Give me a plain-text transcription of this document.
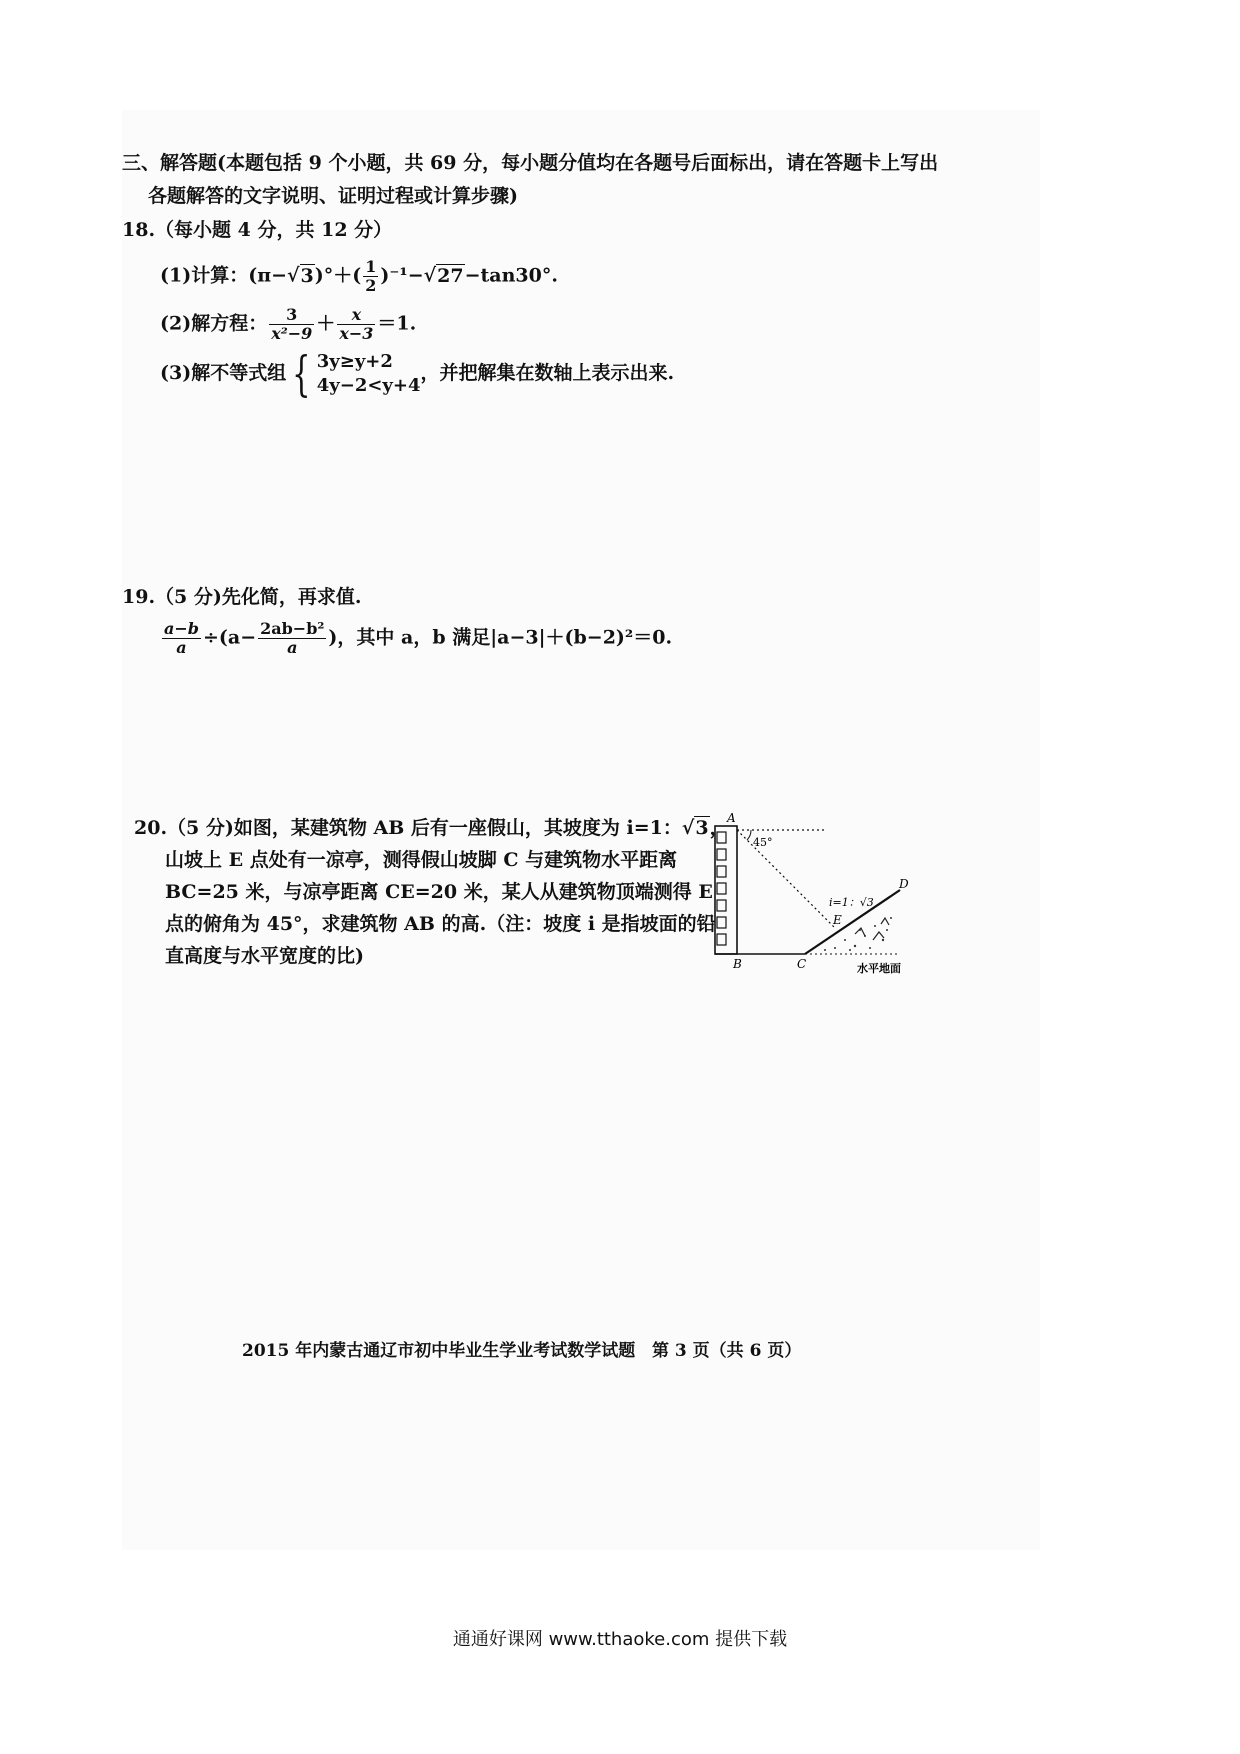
三、解答题(本题包括 9 个小题，共 69 分，每小题分值均在各题号后面标出，请在答题卡上写出
各题解答的文字说明、证明过程或计算步骤)
18.（每小题 4 分，共 12 分）
(1)计算：$(\pi-√3)^\circ+( \frac{1}{2} )^{-1}-√27-\tan 30^\circ$.
(2)解方程： $\frac{3}{\text{x²−9}} + \frac{x}{x-3} =1$.
(3)解不等式组 { 3y≥y+2
4y−2<y+4
，并把解集在数轴上表示出来.
19.（5 分)先化简，再求值.
$\frac{a-b}{a} \div(a- \frac{\text{2ab−b²}}{a}$ )，其中 a，b 满足|a−3|＋(b−2)²＝0.
20.（5 分)如图，某建筑物 AB 后有一座假山，其坡度为 i=1：√3，
山坡上 E 点处有一凉亭，测得假山坡脚 C 与建筑物水平距离
BC=25 米，与凉亭距离 CE=20 米，某人从建筑物顶端测得 E
点的俯角为 45°，求建筑物 AB 的高.（注：坡度 i 是指坡面的铅
直高度与水平宽度的比)
A
B	C
D
E
45°
i=1：√3
水平地面
2015 年内蒙古通辽市初中毕业生学业考试数学试题 第 3 页（共 6 页）
通通好课网 www.tthaoke.com 提供下载
